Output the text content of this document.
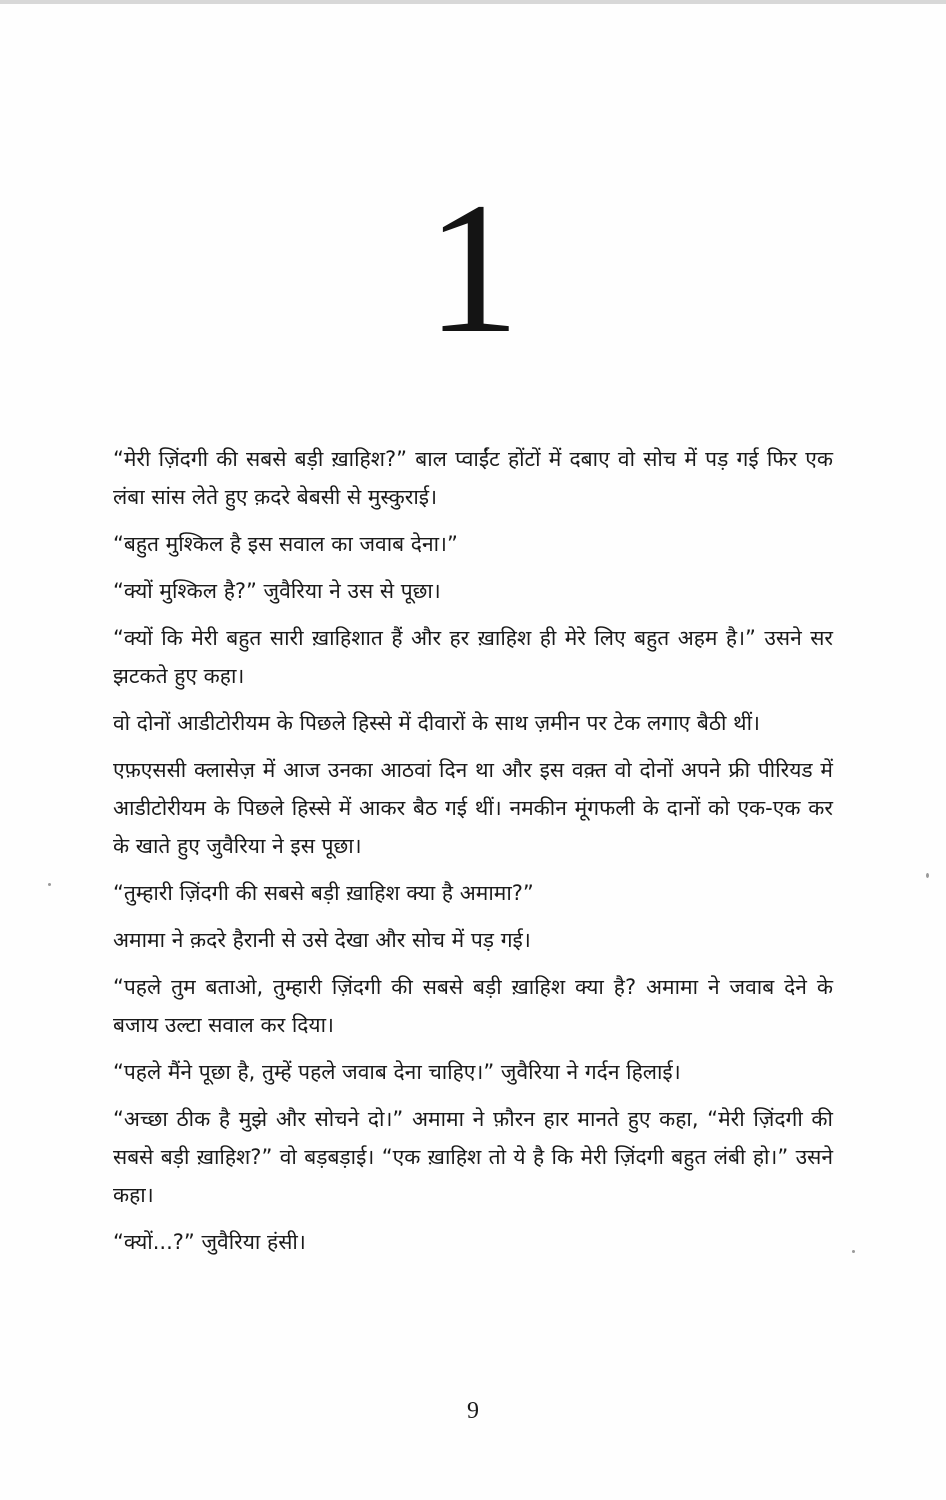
1

“मेरी ज़िंदगी की सबसे बड़ी ख़ाहिश?” बाल प्वाईंट होंटों में दबाए वो सोच में पड़ गई फिर एक लंबा सांस लेते हुए क़दरे बेबसी से मुस्कुराई।

“बहुत मुश्किल है इस सवाल का जवाब देना।”

“क्यों मुश्किल है?” जुवैरिया ने उस से पूछा।

“क्यों कि मेरी बहुत सारी ख़ाहिशात हैं और हर ख़ाहिश ही मेरे लिए बहुत अहम है।” उसने सर झटकते हुए कहा।

वो दोनों आडीटोरीयम के पिछले हिस्से में दीवारों के साथ ज़मीन पर टेक लगाए बैठी थीं।

एफ़एससी क्लासेज़ में आज उनका आठवां दिन था और इस वक़्त वो दोनों अपने फ्री पीरियड में आडीटोरीयम के पिछले हिस्से में आकर बैठ गई थीं। नमकीन मूंगफली के दानों को एक-एक कर के खाते हुए जुवैरिया ने इस पूछा।

“तुम्हारी ज़िंदगी की सबसे बड़ी ख़ाहिश क्या है अमामा?”

अमामा ने क़दरे हैरानी से उसे देखा और सोच में पड़ गई।

“पहले तुम बताओ, तुम्हारी ज़िंदगी की सबसे बड़ी ख़ाहिश क्या है? अमामा ने जवाब देने के बजाय उल्टा सवाल कर दिया।

“पहले मैंने पूछा है, तुम्हें पहले जवाब देना चाहिए।” जुवैरिया ने गर्दन हिलाई।

“अच्छा ठीक है मुझे और सोचने दो।” अमामा ने फ़ौरन हार मानते हुए कहा, “मेरी ज़िंदगी की सबसे बड़ी ख़ाहिश?” वो बड़बड़ाई। “एक ख़ाहिश तो ये है कि मेरी ज़िंदगी बहुत लंबी हो।” उसने कहा।

“क्यों...?” जुवैरिया हंसी।

9
